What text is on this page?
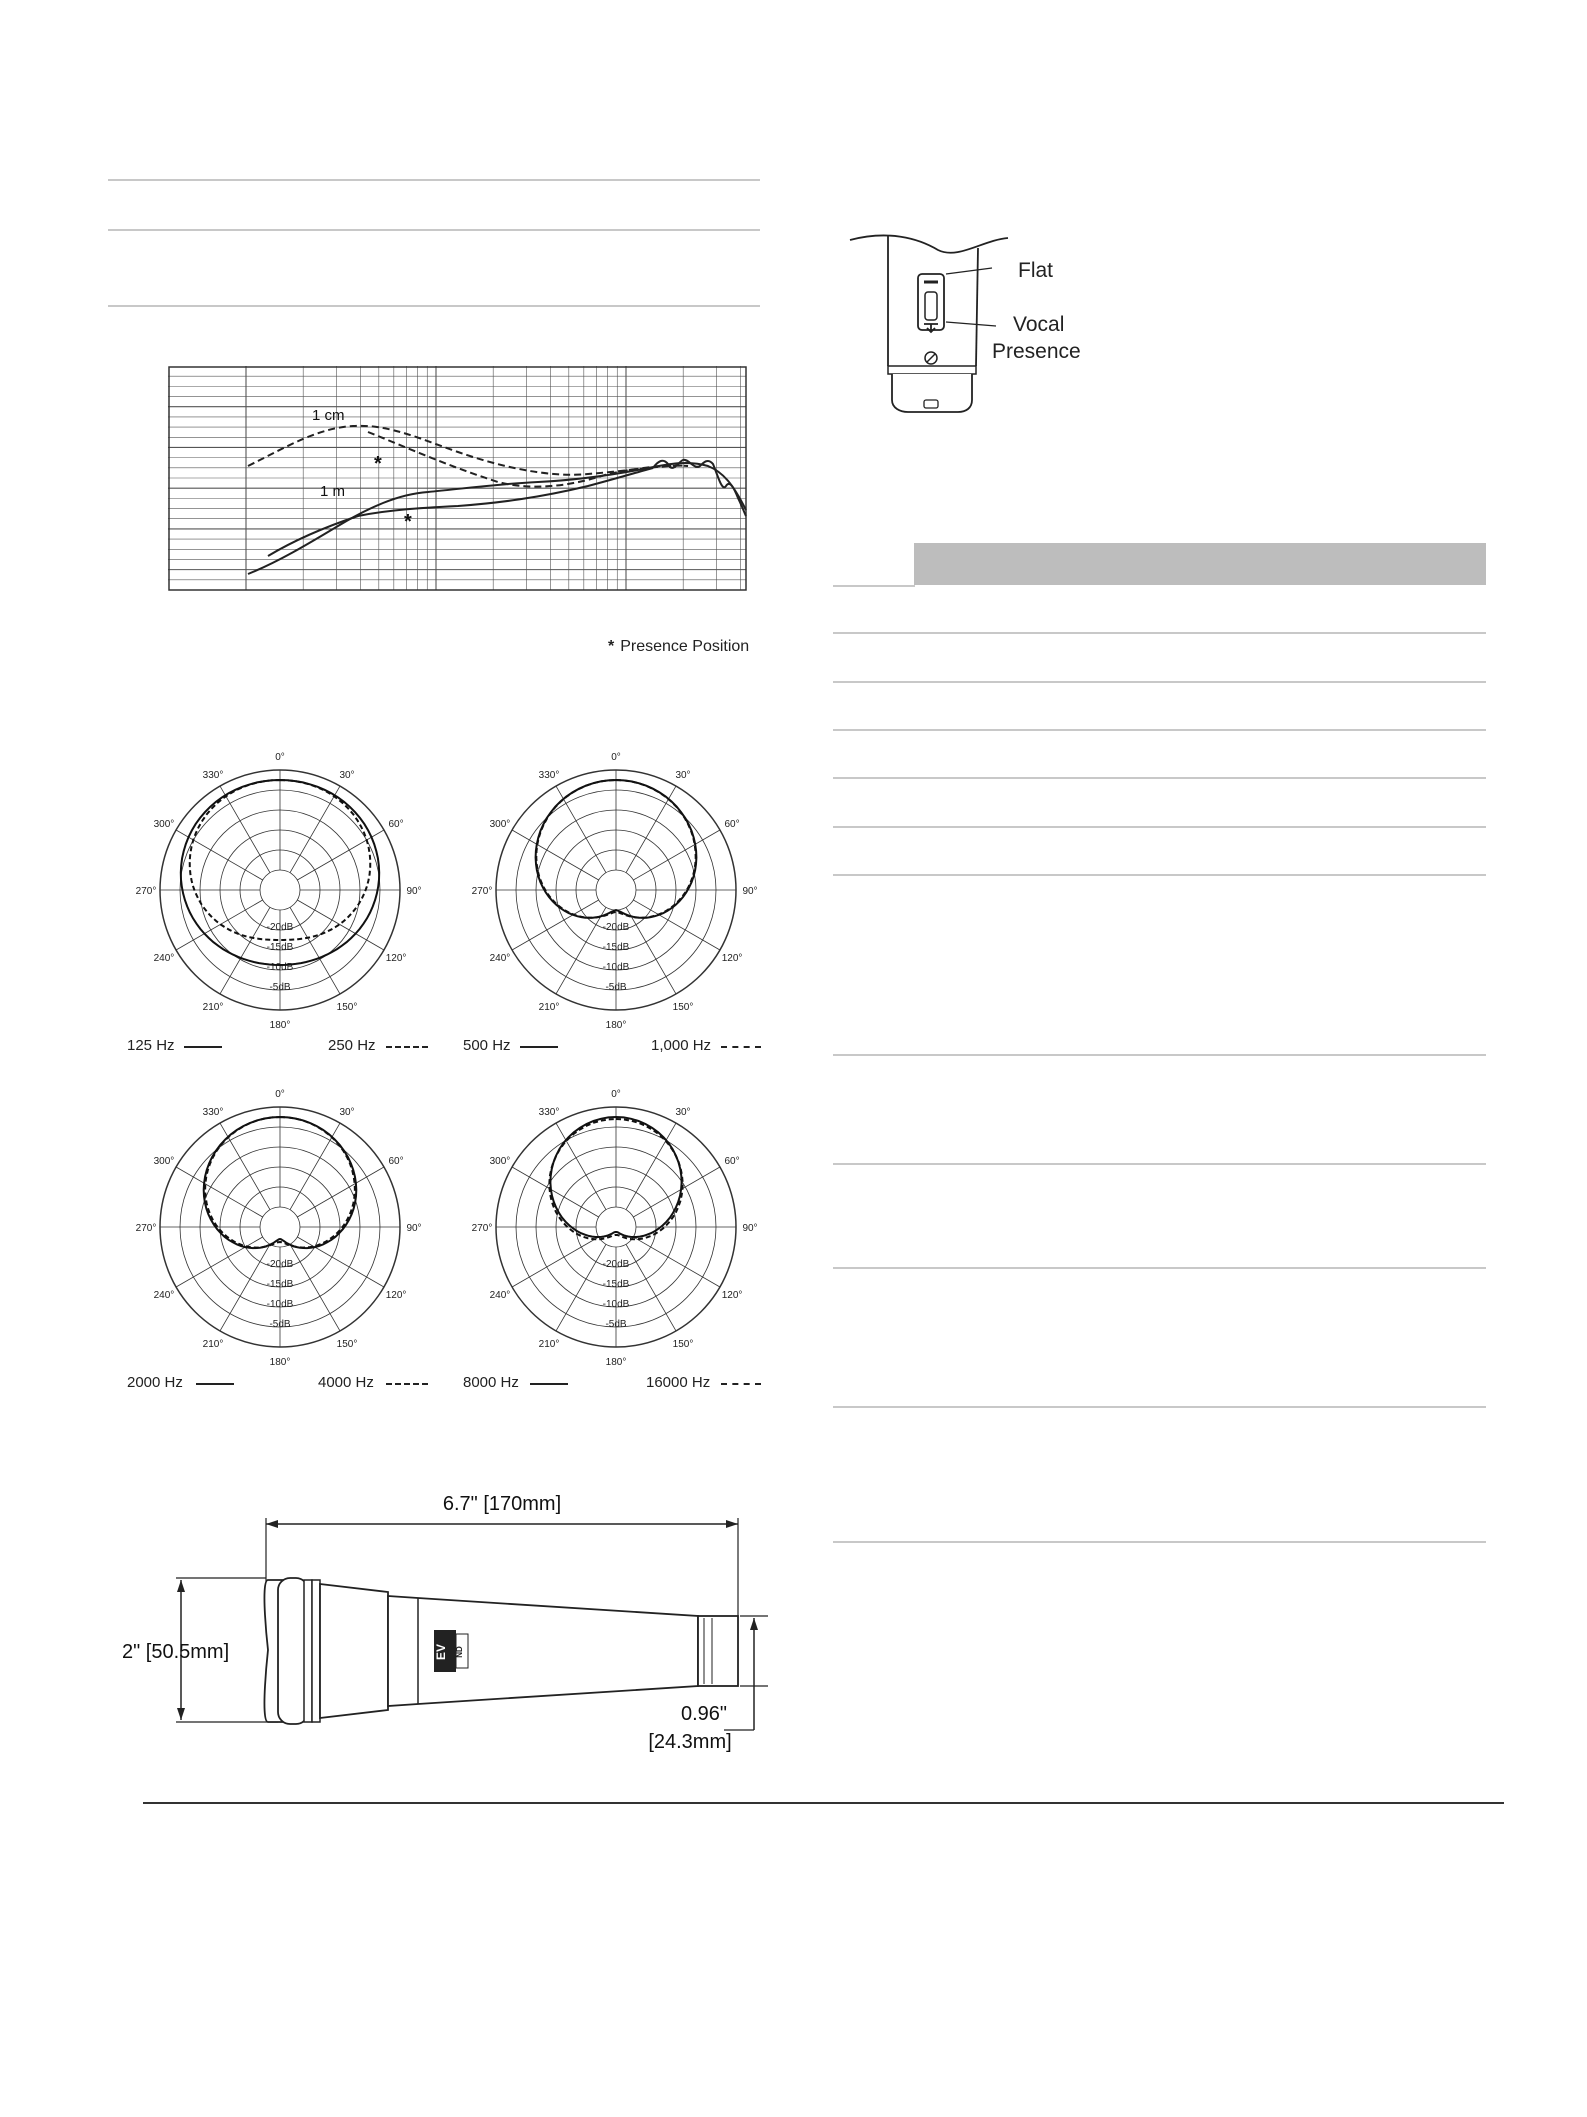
1 cm
1 m
*
*
* Presence Position
0°
30°
60°
90°
120°
150°
180°
210°
240°
270°
300°
330°
-20dB
-15dB
-10dB
-5dB
0°
30°
60°
90°
120°
150°
180°
210°
240°
270°
300°
330°
-20dB
-15dB
-10dB
-5dB
0°
30°
60°
90°
120°
150°
180°
210°
240°
270°
300°
330°
-20dB
-15dB
-10dB
-5dB
0°
30°
60°
90°
120°
150°
180°
210°
240°
270°
300°
330°
-20dB
-15dB
-10dB
-5dB
125 Hz	250 Hz	500 Hz	1,000 Hz
2000 Hz	4000 Hz	8000 Hz	16000 Hz
6.7" [170mm]
2" [50.5mm]	EV ND
0.96"
[24.3mm]
Flat
Vocal
Presence
